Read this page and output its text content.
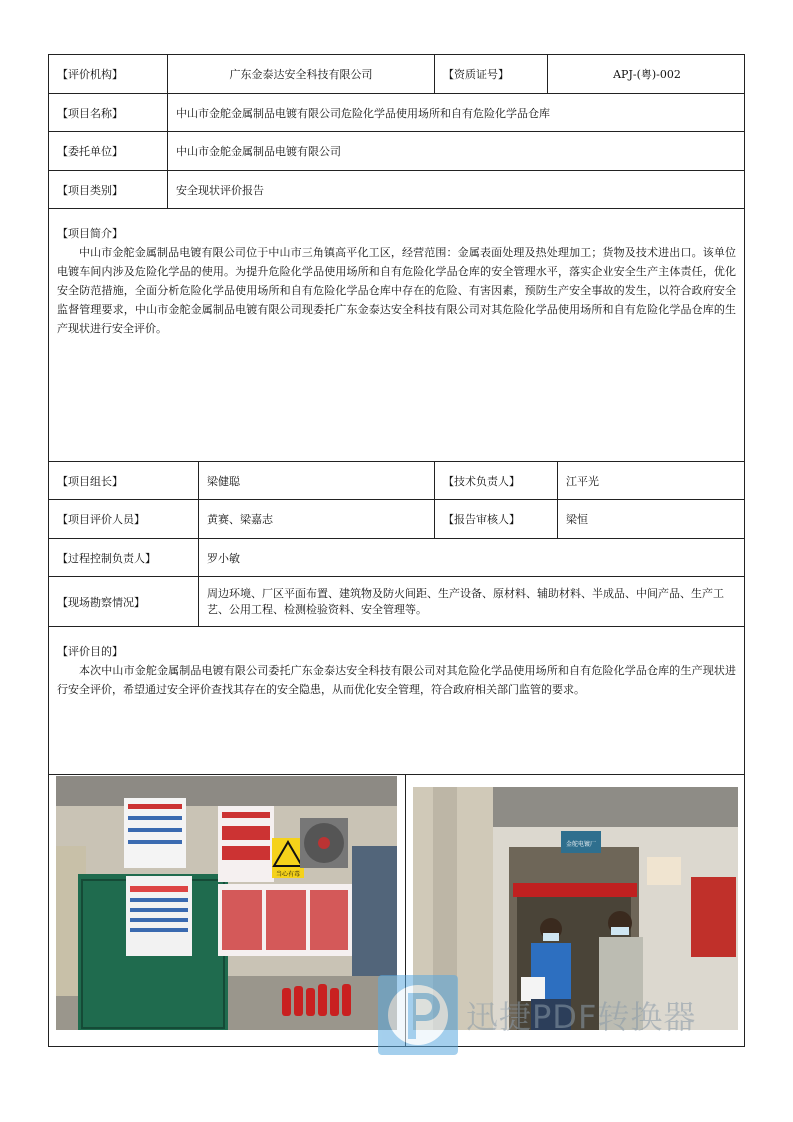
【评价机构】	广东金泰达安全科技有限公司	【资质证号】	APJ-(粤)-002
【项目名称】	中山市金舵金属制品电镀有限公司危险化学品使用场所和自有危险化学品仓库
【委托单位】	中山市金舵金属制品电镀有限公司
【项目类别】	安全现状评价报告
【项目简介】

中山市金舵金属制品电镀有限公司位于中山市三角镇高平化工区，经营范围：金属表面处理及热处理加工；货物及技术进出口。该单位电镀车间内涉及危险化学品的使用。为提升危险化学品使用场所和自有危险化学品仓库的安全管理水平，落实企业安全生产主体责任，优化安全防范措施，全面分析危险化学品使用场所和自有危险化学品仓库中存在的危险、有害因素，预防生产安全事故的发生，以符合政府安全监督管理要求，中山市金舵金属制品电镀有限公司现委托广东金泰达安全科技有限公司对其危险化学品使用场所和自有危险化学品仓库的生产现状进行安全评价。

【项目组长】	梁健聪	【技术负责人】	江平光
【项目评价人员】	黄赛、梁嘉志	【报告审核人】	梁恒
【过程控制负责人】	罗小敏
【现场勘察情况】
周边环境、厂区平面布置、建筑物及防火间距、生产设备、原材料、辅助材料、半成品、中间产品、生产工艺、公用工程、检测检验资料、安全管理等。
【评价目的】

本次中山市金舵金属制品电镀有限公司委托广东金泰达安全科技有限公司对其危险化学品使用场所和自有危险化学品仓库的生产现状进行安全评价，希望通过安全评价查找其存在的安全隐患，从而优化安全管理，符合政府相关部门监管的要求。

当心有毒
金舵电镀厂
迅捷PDF转换器
